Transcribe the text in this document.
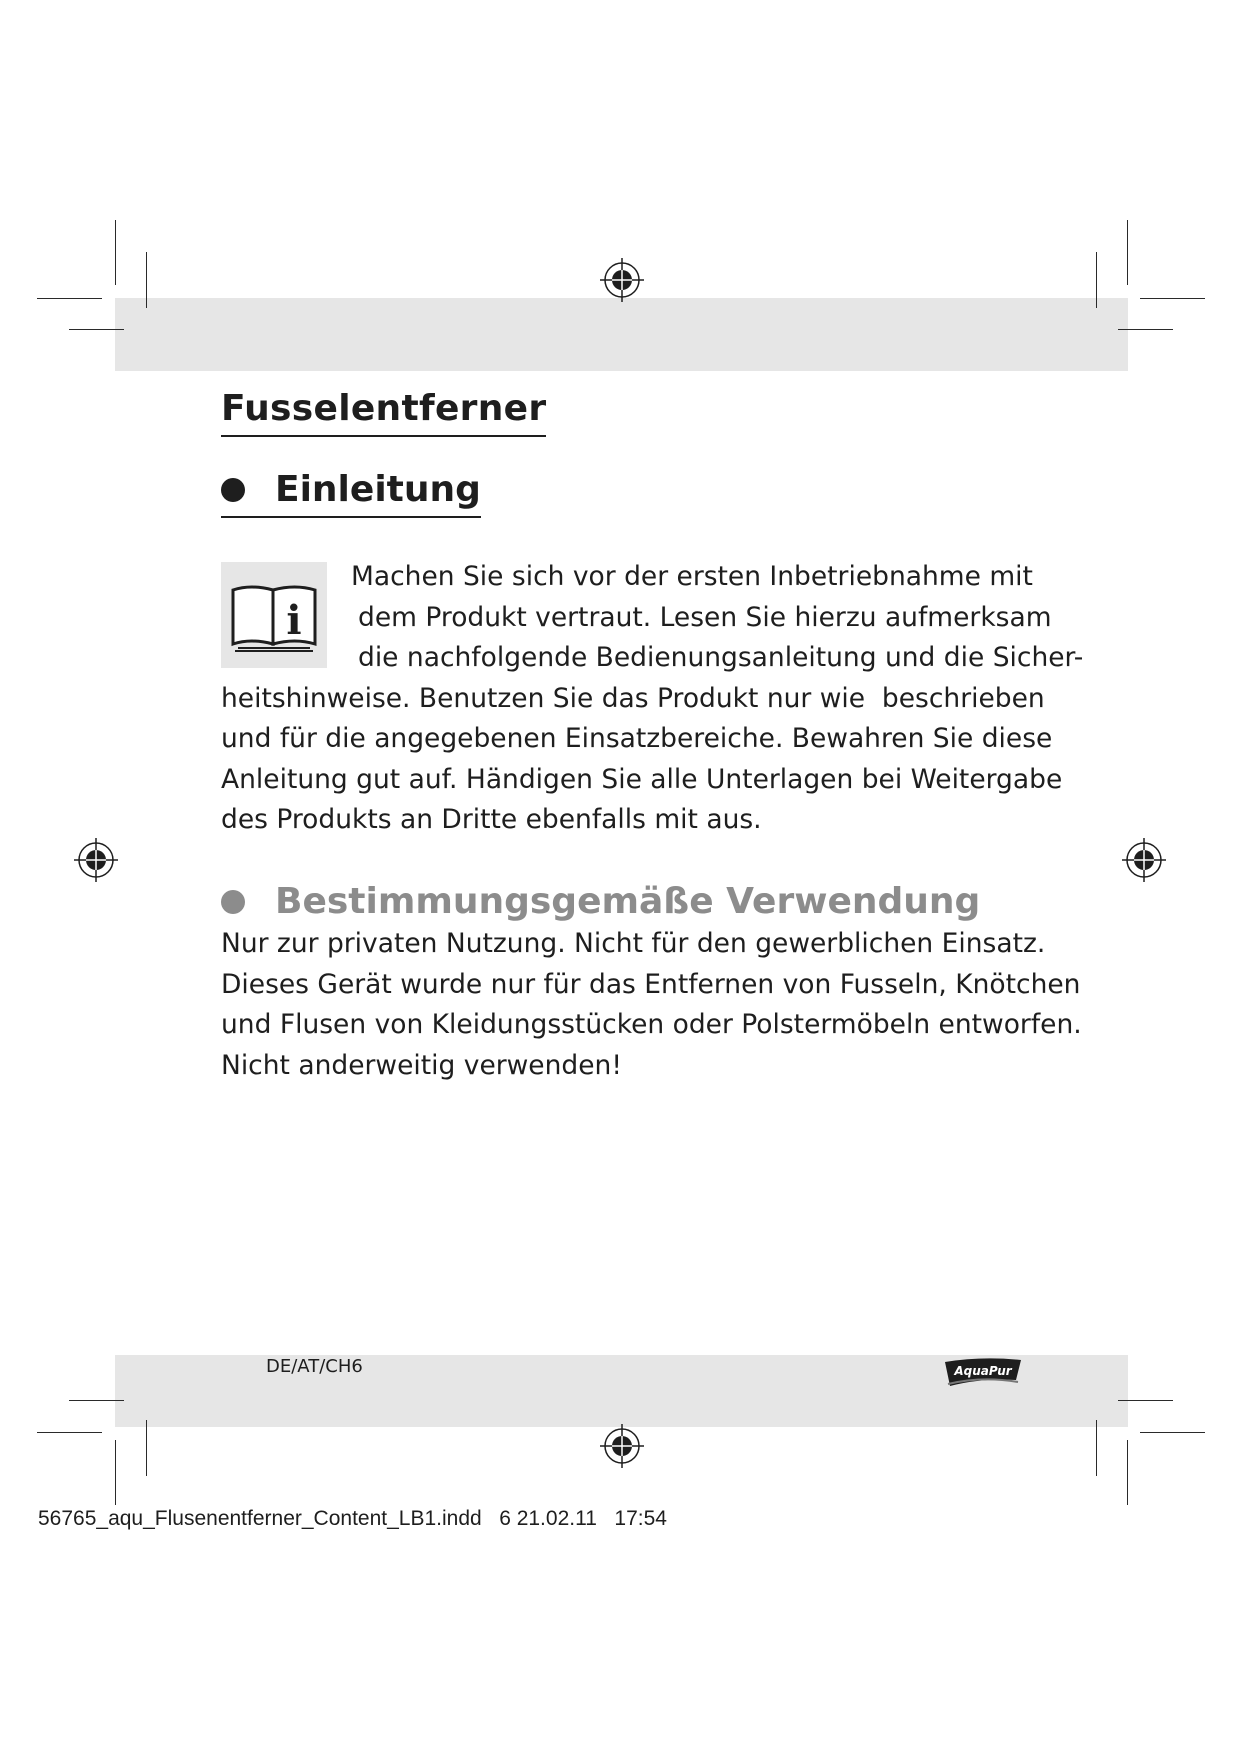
Fusselentferner
Einleitung
i

Machen Sie sich vor der ersten Inbetriebnahme mit
dem Produkt vertraut. Lesen Sie hierzu aufmerksam
die nachfolgende Bedienungsanleitung und die Sicher-
heitshinweise. Benutzen Sie das Produkt nur wie  beschrieben
und für die angegebenen Einsatzbereiche. Bewahren Sie diese
Anleitung gut auf. Händigen Sie alle Unterlagen bei Weitergabe
des Produkts an Dritte ebenfalls mit aus.

Bestimmungsgemäße Verwendung

Nur zur privaten Nutzung. Nicht für den gewerblichen Einsatz.
Dieses Gerät wurde nur für das Entfernen von Fusseln, Knötchen
und Flusen von Kleidungsstücken oder Polstermöbeln entworfen.
Nicht anderweitig verwenden!

DE/AT/CH6	AquaPur
56765_aqu_Flusenentferner_Content_LB1.indd   6 21.02.11   17:54
